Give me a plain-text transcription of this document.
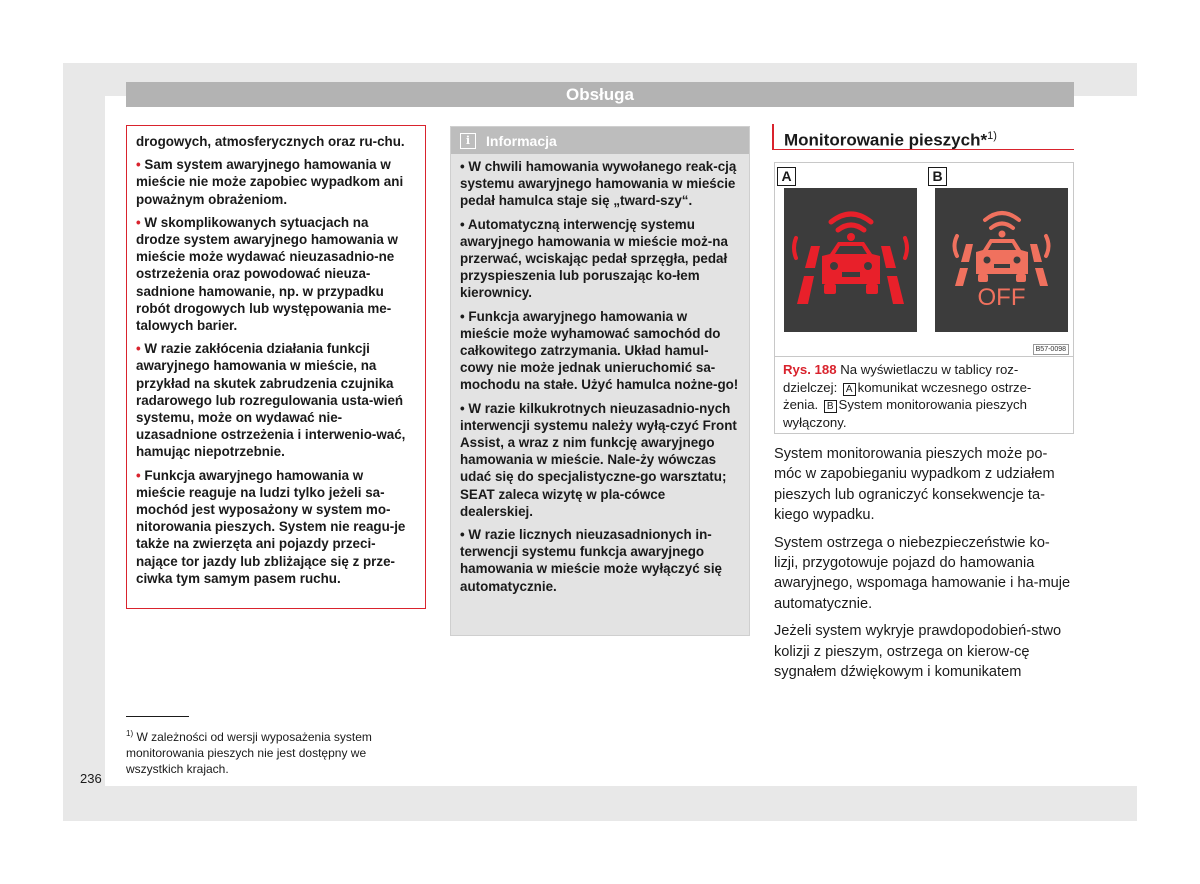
Obsługa

drogowych, atmosferycznych oraz ru-chu.

• Sam system awaryjnego hamowania w mieście nie może zapobiec wypadkom ani poważnym obrażeniom.

• W skomplikowanych sytuacjach na drodze system awaryjnego hamowania w mieście może wydawać nieuzasadnio-ne ostrzeżenia oraz powodować nieuza-sadnione hamowanie, np. w przypadku robót drogowych lub występowania me-talowych barier.

• W razie zakłócenia działania funkcji awaryjnego hamowania w mieście, na przykład na skutek zabrudzenia czujnika radarowego lub rozregulowania usta-wień systemu, może on wydawać nie-uzasadnione ostrzeżenia i interwenio-wać, hamując niepotrzebnie.

• Funkcja awaryjnego hamowania w mieście reaguje na ludzi tylko jeżeli sa-mochód jest wyposażony w system mo-nitorowania pieszych. System nie reagu-je także na zwierzęta ani pojazdy przeci-nające tor jazdy lub zbliżające się z prze-ciwka tym samym pasem ruchu.

i	Informacja

• W chwili hamowania wywołanego reak-cją systemu awaryjnego hamowania w mieście pedał hamulca staje się „tward-szy“.

• Automatyczną interwencję systemu awaryjnego hamowania w mieście moż-na przerwać, wciskając pedał sprzęgła, pedał przyspieszenia lub poruszając ko-łem kierownicy.

• Funkcja awaryjnego hamowania w mieście może wyhamować samochód do całkowitego zatrzymania. Układ hamul-cowy nie może jednak unieruchomić sa-mochodu na stałe. Użyć hamulca nożne-go!

• W razie kilkukrotnych nieuzasadnio-nych interwencji systemu należy wyłą-czyć Front Assist, a wraz z nim funkcję awaryjnego hamowania w mieście. Nale-ży wówczas udać się do specjalistyczne-go warsztatu; SEAT zaleca wizytę w pla-cówce dealerskiej.

• W razie licznych nieuzasadnionych in-terwencji systemu funkcja awaryjnego hamowania w mieście może wyłączyć się automatycznie.

Monitorowanie pieszych*$^{1)}$
A	B
OFF
B57-0098
Rys. 188 Na wyświetlaczu w tablicy roz-dzielczej: A komunikat wczesnego ostrze-żenia. B System monitorowania pieszych wyłączony.

System monitorowania pieszych może po-móc w zapobieganiu wypadkom z udziałem pieszych lub ograniczyć konsekwencje ta-kiego wypadku.

System ostrzega o niebezpieczeństwie ko-lizji, przygotowuje pojazd do hamowania awaryjnego, wspomaga hamowanie i ha-muje automatycznie.

Jeżeli system wykryje prawdopodobień-stwo kolizji z pieszym, ostrzega on kierow-cę sygnałem dźwiękowym i komunikatem

$^{1)}$ W zależności od wersji wyposażenia system monitorowania pieszych nie jest dostępny we wszystkich krajach.
236
